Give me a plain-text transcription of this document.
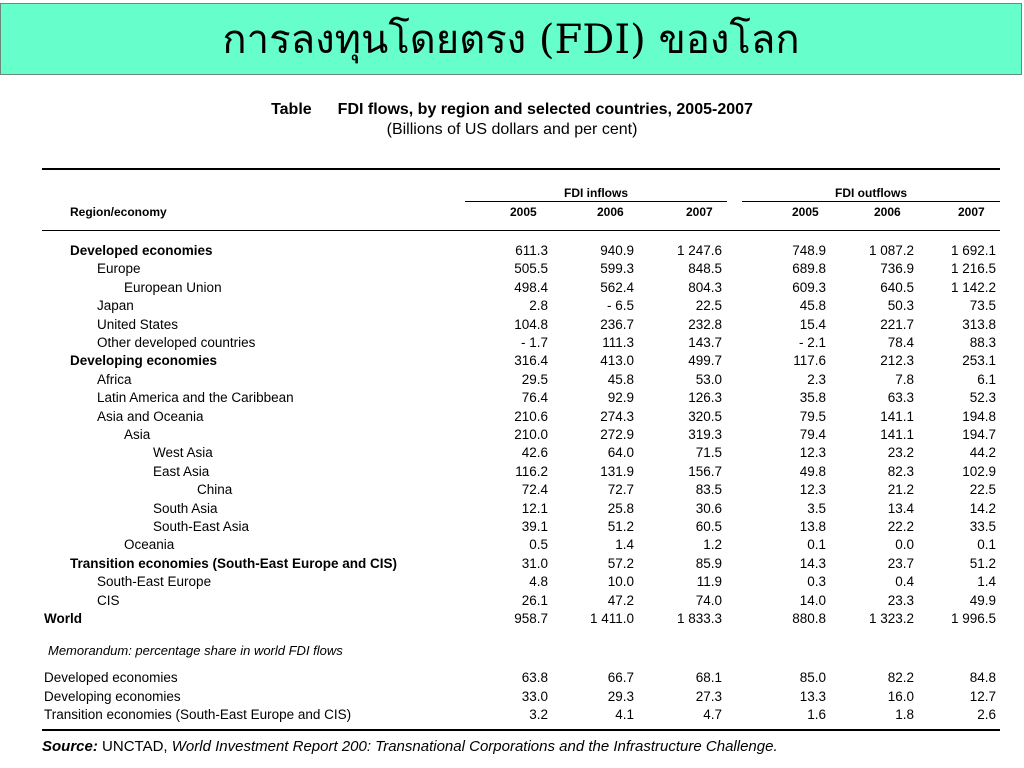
การลงทุนโดยตรง (FDI) ของโลก
Table FDI flows, by region and selected countries, 2005-2007
(Billions of US dollars and per cent)
FDI inflows	FDI outflows
Region/economy	2005	2006	2007	2005	2006	2007
Developed economies	611.3	940.9	1 247.6	748.9	1 087.2	1 692.1
Europe	505.5	599.3	848.5	689.8	736.9	1 216.5
European Union	498.4	562.4	804.3	609.3	640.5	1 142.2
Japan	2.8	- 6.5	22.5	45.8	50.3	73.5
United States	104.8	236.7	232.8	15.4	221.7	313.8
Other developed countries	- 1.7	111.3	143.7	- 2.1	78.4	88.3
Developing economies	316.4	413.0	499.7	117.6	212.3	253.1
Africa	29.5	45.8	53.0	2.3	7.8	6.1
Latin America and the Caribbean	76.4	92.9	126.3	35.8	63.3	52.3
Asia and Oceania	210.6	274.3	320.5	79.5	141.1	194.8
Asia	210.0	272.9	319.3	79.4	141.1	194.7
West Asia	42.6	64.0	71.5	12.3	23.2	44.2
East Asia	116.2	131.9	156.7	49.8	82.3	102.9
China	72.4	72.7	83.5	12.3	21.2	22.5
South Asia	12.1	25.8	30.6	3.5	13.4	14.2
South-East Asia	39.1	51.2	60.5	13.8	22.2	33.5
Oceania	0.5	1.4	1.2	0.1	0.0	0.1
Transition economies (South-East Europe and CIS)	31.0	57.2	85.9	14.3	23.7	51.2
South-East Europe	4.8	10.0	11.9	0.3	0.4	1.4
CIS	26.1	47.2	74.0	14.0	23.3	49.9
World	958.7	1 411.0	1 833.3	880.8	1 323.2	1 996.5
Memorandum: percentage share in world FDI flows
Developed economies	63.8	66.7	68.1	85.0	82.2	84.8
Developing economies	33.0	29.3	27.3	13.3	16.0	12.7
Transition economies (South-East Europe and CIS)	3.2	4.1	4.7	1.6	1.8	2.6
Source: UNCTAD, World Investment Report 200: Transnational Corporations and the Infrastructure Challenge.
